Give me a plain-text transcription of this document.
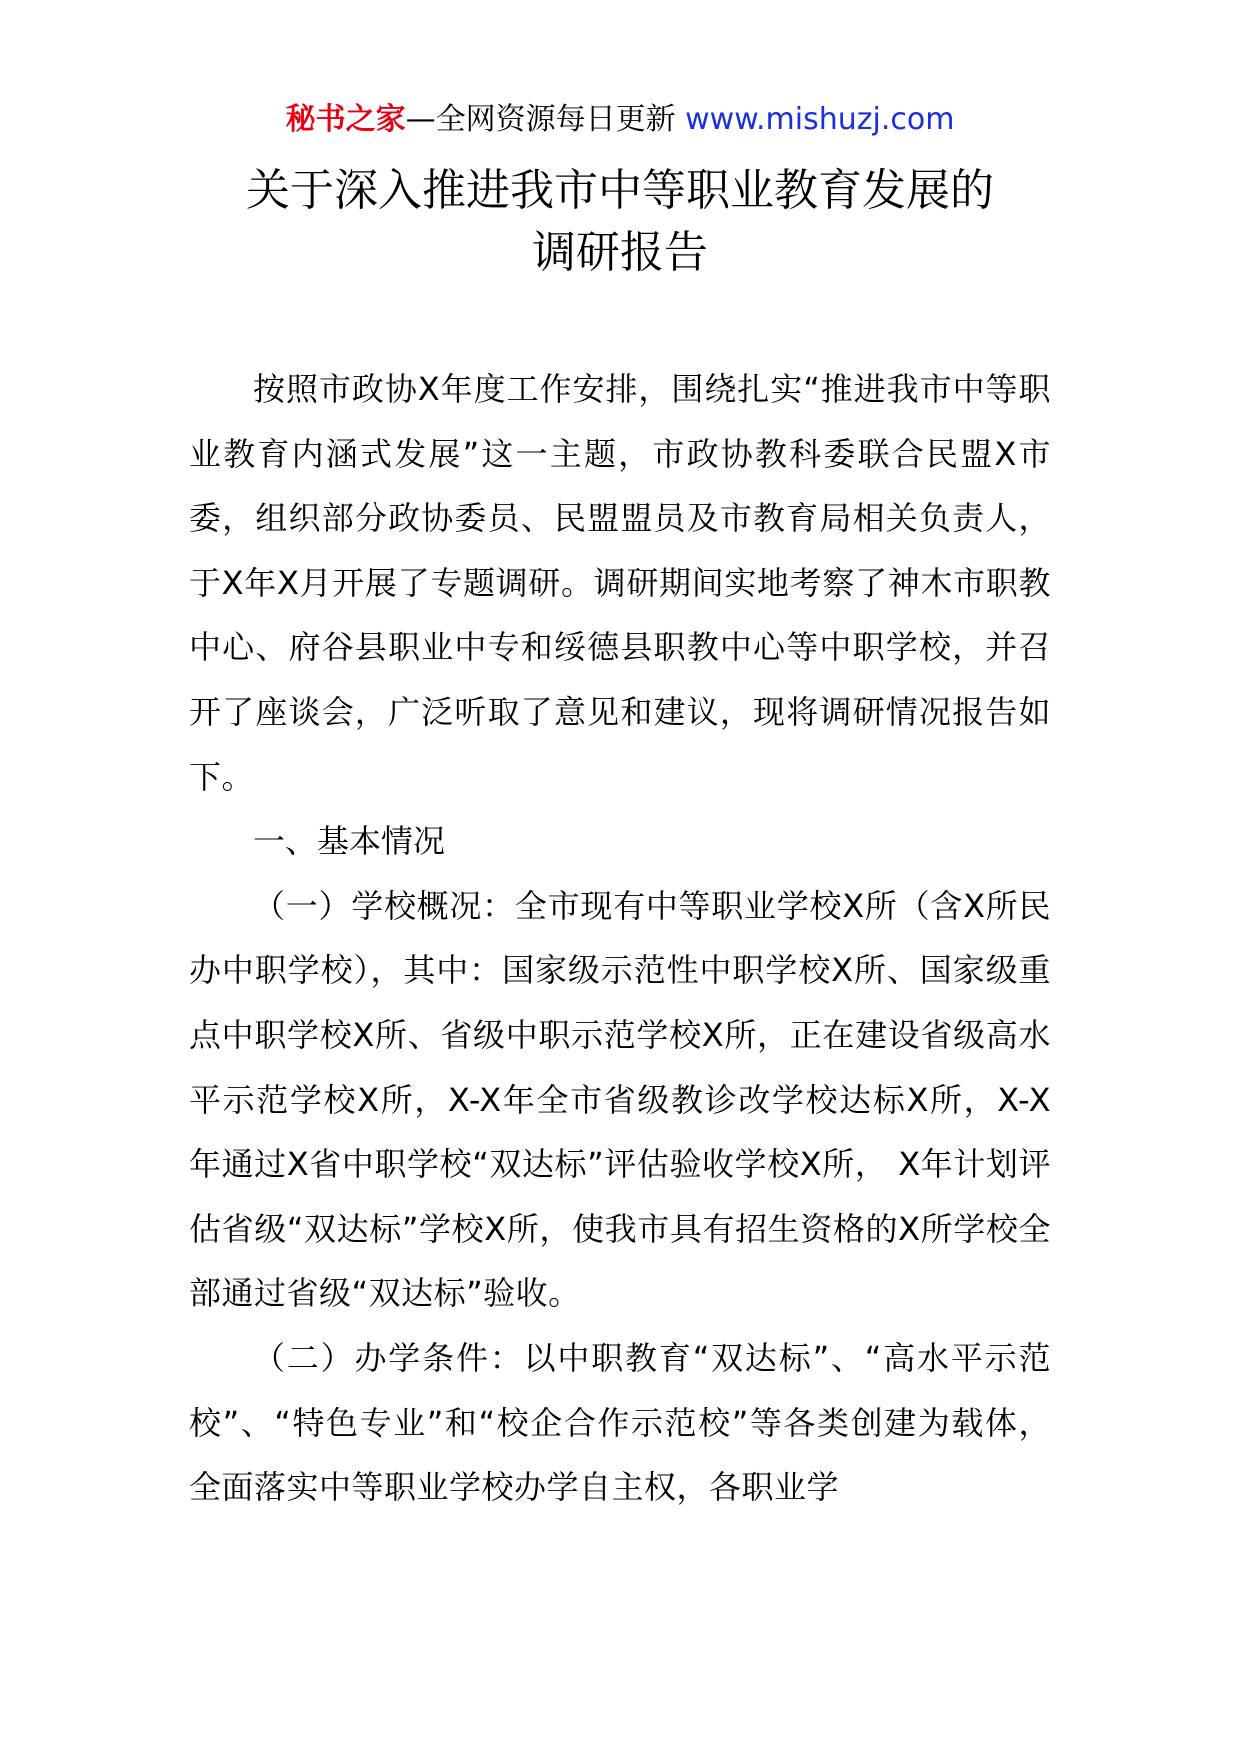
秘书之家—全网资源每日更新 www.mishuzj.com
关于深入推进我市中等职业教育发展的
调研报告

按照市政协X年度工作安排，围绕扎实“推进我市中等职业教育内涵式发展”这一主题，市政协教科委联合民盟X市委，组织部分政协委员、民盟盟员及市教育局相关负责人，于X年X月开展了专题调研。调研期间实地考察了神木市职教中心、府谷县职业中专和绥德县职教中心等中职学校，并召开了座谈会，广泛听取了意见和建议，现将调研情况报告如下。

一、基本情况

（一）学校概况：全市现有中等职业学校X所（含X所民办中职学校），其中：国家级示范性中职学校X所、国家级重点中职学校X所、省级中职示范学校X所，正在建设省级高水平示范学校X所，X-X年全市省级教诊改学校达标X所，X-X年通过X省中职学校“双达标”评估验收学校X所， X年计划评估省级“双达标”学校X所，使我市具有招生资格的X所学校全部通过省级“双达标”验收。

（二）办学条件：以中职教育“双达标”、“高水平示范校”、“特色专业”和“校企合作示范校”等各类创建为载体，全面落实中等职业学校办学自主权，各职业学
